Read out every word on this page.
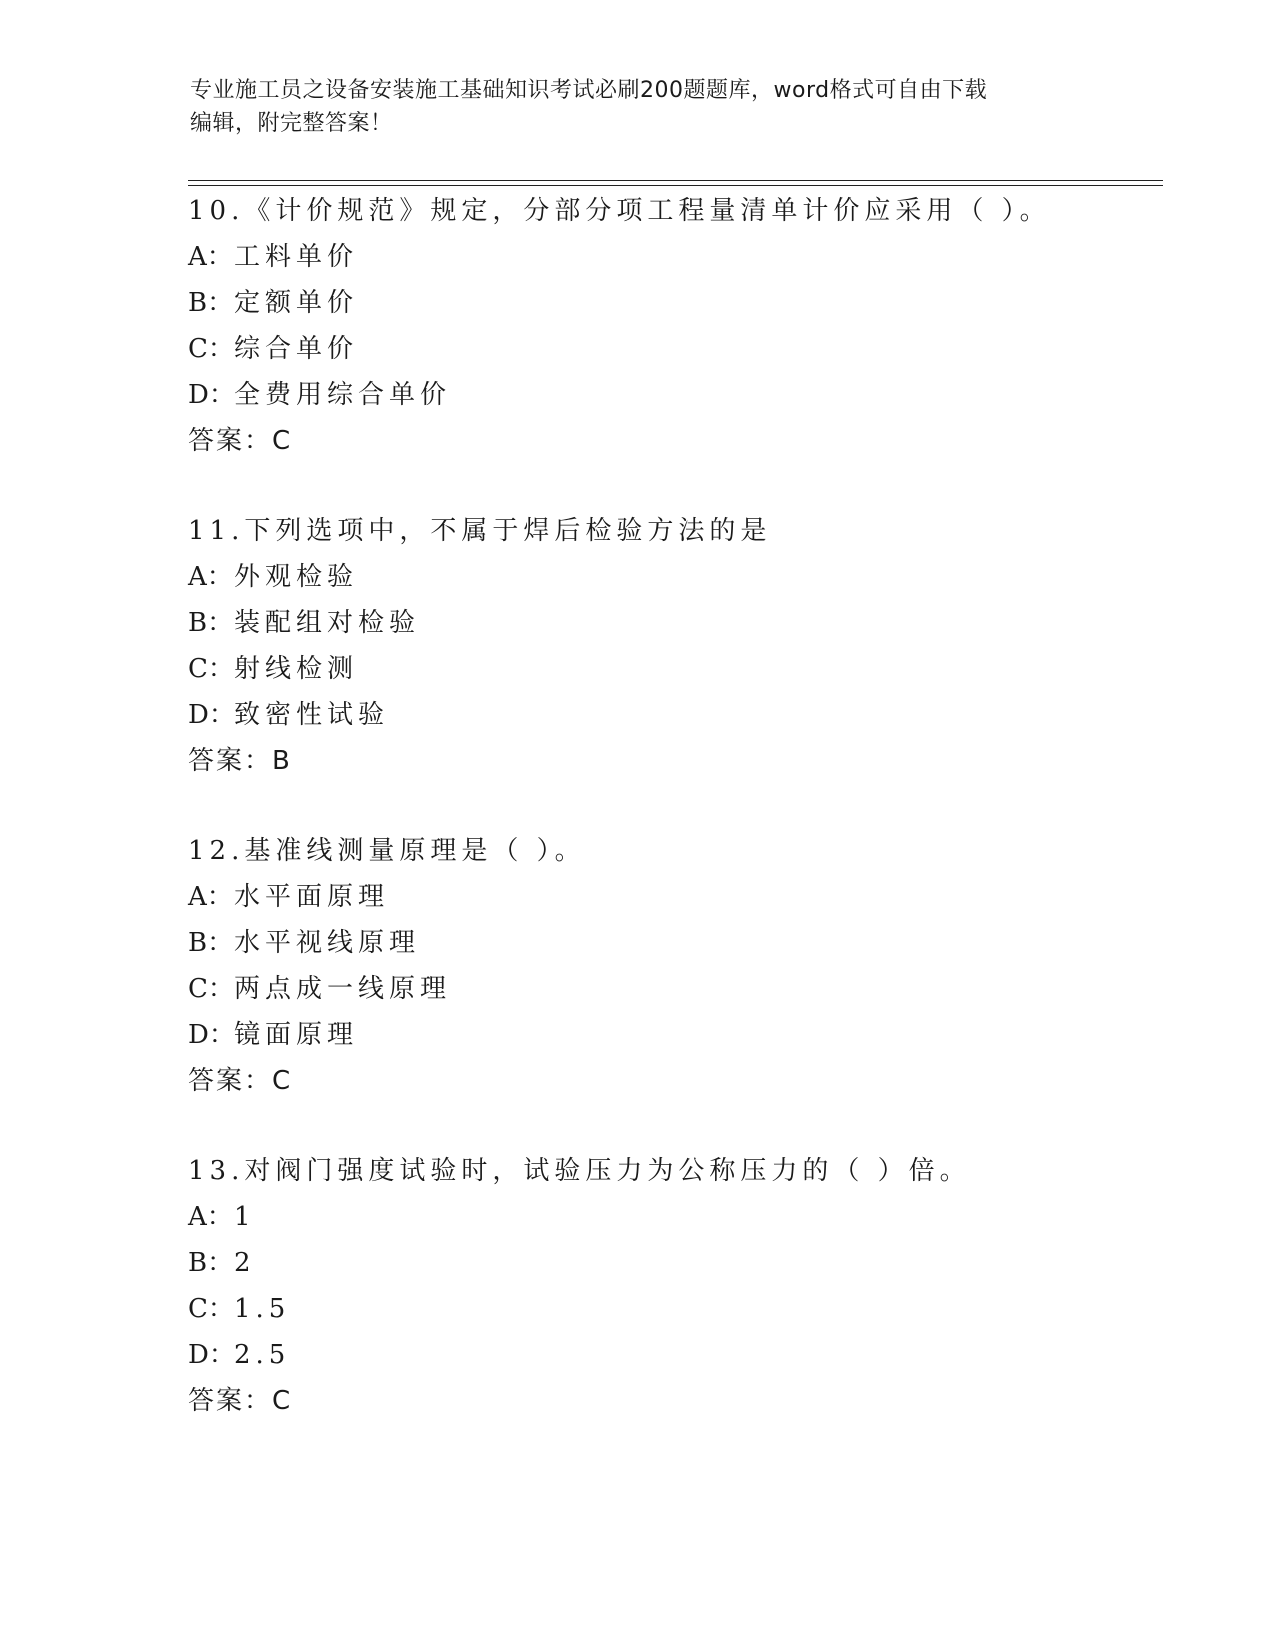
专业施工员之设备安装施工基础知识考试必刷200题题库，word格式可自由下载
编辑，附完整答案！
10.《计价规范》规定，分部分项工程量清单计价应采用（ ）。
A：工料单价
B：定额单价
C：综合单价
D：全费用综合单价
答案：C
11.下列选项中，不属于焊后检验方法的是
A：外观检验
B：装配组对检验
C：射线检测
D：致密性试验
答案：B
12.基准线测量原理是（ ）。
A：水平面原理
B：水平视线原理
C：两点成一线原理
D：镜面原理
答案：C
13.对阀门强度试验时，试验压力为公称压力的（ ）倍。
A：1
B：2
C：1.5
D：2.5
答案：C
